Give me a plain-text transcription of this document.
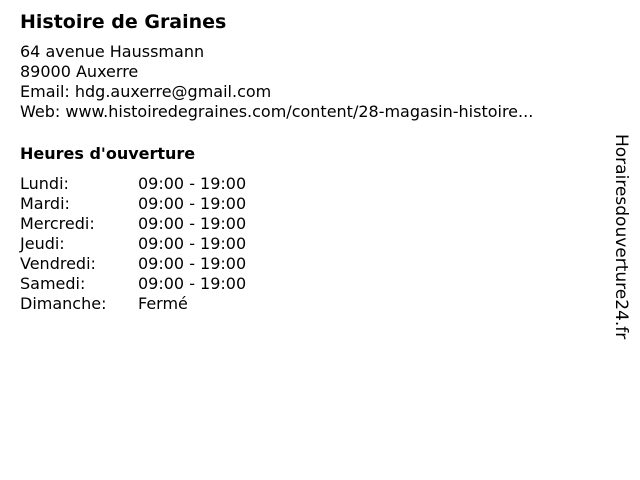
Histoire de Graines
64 avenue Haussmann
89000 Auxerre
Email: hdg.auxerre@gmail.com
Web: www.histoiredegraines.com/content/28-magasin-histoire...
Heures d'ouverture
Lundi:	09:00 - 19:00
Mardi:	09:00 - 19:00
Mercredi:	09:00 - 19:00
Jeudi:	09:00 - 19:00
Vendredi:	09:00 - 19:00
Samedi:	09:00 - 19:00
Dimanche:	Fermé	Horairesdouverture24.fr
